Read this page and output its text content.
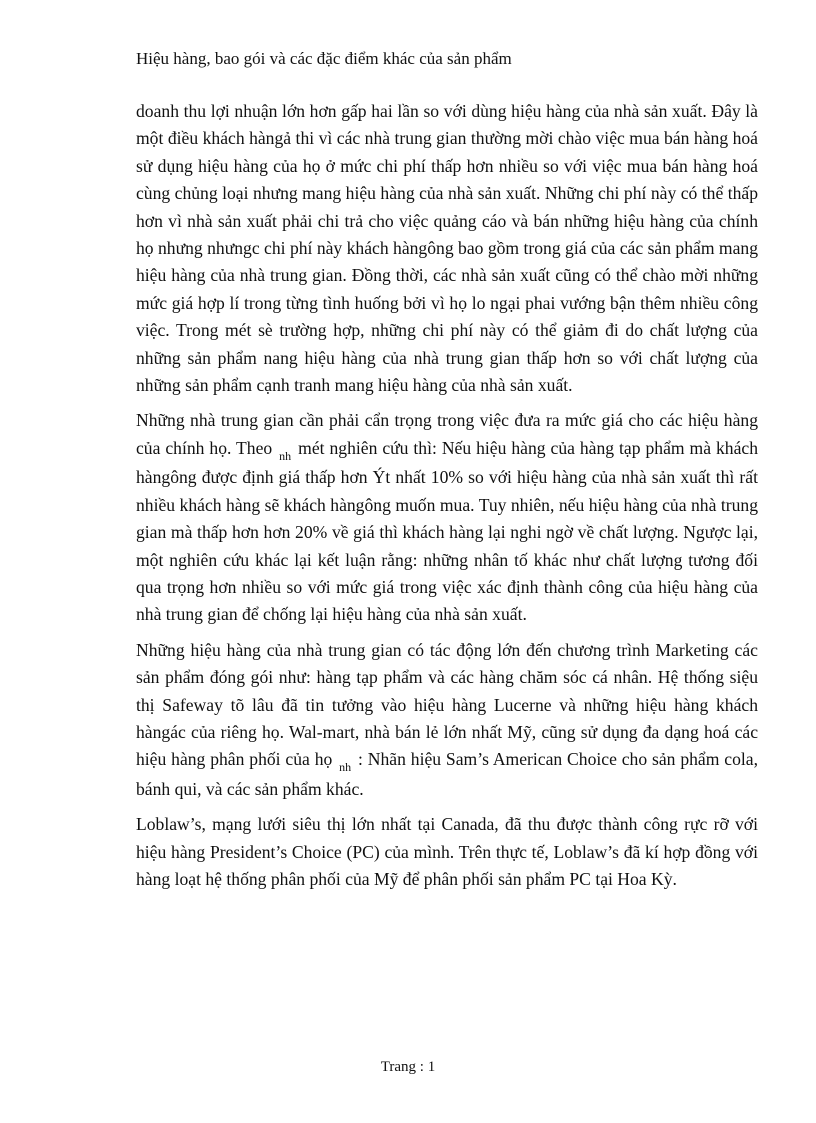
Hiệu hàng, bao gói và các đặc điểm khác của sản phẩm

doanh thu lợi nhuận lớn hơn gấp hai lần so với dùng hiệu hàng của nhà sản xuất. Đây là một điều khách hàngả thi vì các nhà trung gian thường mời chào việc mua bán hàng hoá sử dụng hiệu hàng của họ ở mức chi phí thấp hơn nhiều so với việc mua bán hàng hoá cùng chủng loại nhưng mang hiệu hàng của nhà sản xuất. Những chi phí này có thể thấp hơn vì nhà sản xuất phải chi trả cho việc quảng cáo và bán những hiệu hàng của chính họ nhưng nhưngc chi phí này khách hàngông bao gồm trong giá của các sản phẩm mang hiệu hàng của nhà trung gian. Đồng thời, các nhà sản xuất cũng có thể chào mời những mức giá hợp lí trong từng tình huống bởi vì họ lo ngại phai vướng bận thêm nhiều công việc. Trong mét sè trường hợp, những chi phí này có thể giảm đi do chất lượng của những sản phẩm nang hiệu hàng của nhà trung gian thấp hơn so với chất lượng của những sản phẩm cạnh tranh mang hiệu hàng của nhà sản xuất.

Những nhà trung gian cần phải cẩn trọng trong việc đưa ra mức giá cho các hiệu hàng của chính họ. Theo $_{nh}$ mét nghiên cứu thì: Nếu hiệu hàng của hàng tạp phẩm mà khách hàngông được định giá thấp hơn Ýt nhất 10% so với hiệu hàng của nhà sản xuất thì rất nhiều khách hàng sẽ khách hàngông muốn mua. Tuy nhiên, nếu hiệu hàng của nhà trung gian mà thấp hơn hơn 20% về giá thì khách hàng lại nghi ngờ về chất lượng. Ngược lại, một nghiên cứu khác lại kết luận rằng: những nhân tố khác như chất lượng tương đối qua trọng hơn nhiều so với mức giá trong việc xác định thành công của hiệu hàng của nhà trung gian để chống lại hiệu hàng của nhà sản xuất.

Những hiệu hàng của nhà trung gian có tác động lớn đến chương trình Marketing các sản phẩm đóng gói như: hàng tạp phẩm và các hàng chăm sóc cá nhân. Hệ thống siệu thị Safeway tõ lâu đã tin tưởng vào hiệu hàng Lucerne và những hiệu hàng khách hàngác của riêng họ. Wal-mart, nhà bán lẻ lớn nhất Mỹ, cũng sử dụng đa dạng hoá các hiệu hàng phân phối của họ $_{nh}$ : Nhãn hiệu Sam’s American Choice cho sản phẩm cola, bánh qui, và các sản phẩm khác.

Loblaw’s, mạng lưới siêu thị lớn nhất tại Canada, đã thu được thành công rực rỡ với hiệu hàng President’s Choice (PC) của mình. Trên thực tế, Loblaw’s đã kí hợp đồng với hàng loạt hệ thống phân phối của Mỹ để phân phối sản phẩm PC tại Hoa Kỳ.

Trang : 1
